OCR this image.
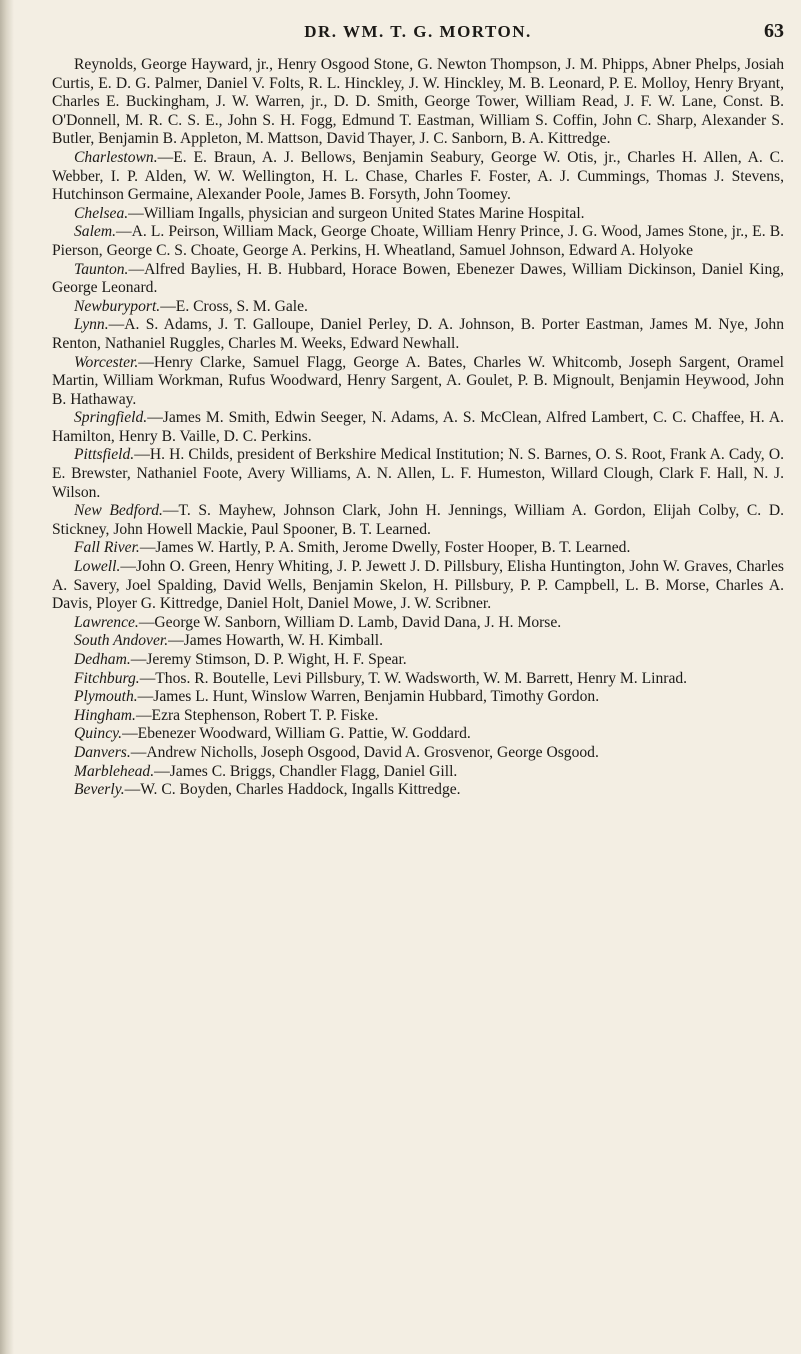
DR. WM. T. G. MORTON.	63

Reynolds, George Hayward, jr., Henry Osgood Stone, G. Newton Thompson, J. M. Phipps, Abner Phelps, Josiah Curtis, E. D. G. Palmer, Daniel V. Folts, R. L. Hinckley, J. W. Hinckley, M. B. Leonard, P. E. Molloy, Henry Bryant, Charles E. Buckingham, J. W. Warren, jr., D. D. Smith, George Tower, William Read, J. F. W. Lane, Const. B. O'Donnell, M. R. C. S. E., John S. H. Fogg, Edmund T. Eastman, William S. Coffin, John C. Sharp, Alexander S. Butler, Benjamin B. Appleton, M. Mattson, David Thayer, J. C. Sanborn, B. A. Kittredge.

Charlestown.—E. E. Braun, A. J. Bellows, Benjamin Seabury, George W. Otis, jr., Charles H. Allen, A. C. Webber, I. P. Alden, W. W. Wellington, H. L. Chase, Charles F. Foster, A. J. Cummings, Thomas J. Stevens, Hutchinson Germaine, Alexander Poole, James B. Forsyth, John Toomey.

Chelsea.—William Ingalls, physician and surgeon United States Marine Hospital.

Salem.—A. L. Peirson, William Mack, George Choate, William Henry Prince, J. G. Wood, James Stone, jr., E. B. Pierson, George C. S. Choate, George A. Perkins, H. Wheatland, Samuel Johnson, Edward A. Holyoke

Taunton.—Alfred Baylies, H. B. Hubbard, Horace Bowen, Ebenezer Dawes, William Dickinson, Daniel King, George Leonard.

Newburyport.—E. Cross, S. M. Gale.

Lynn.—A. S. Adams, J. T. Galloupe, Daniel Perley, D. A. Johnson, B. Porter Eastman, James M. Nye, John Renton, Nathaniel Ruggles, Charles M. Weeks, Edward Newhall.

Worcester.—Henry Clarke, Samuel Flagg, George A. Bates, Charles W. Whitcomb, Joseph Sargent, Oramel Martin, William Workman, Rufus Woodward, Henry Sargent, A. Goulet, P. B. Mignoult, Benjamin Heywood, John B. Hathaway.

Springfield.—James M. Smith, Edwin Seeger, N. Adams, A. S. McClean, Alfred Lambert, C. C. Chaffee, H. A. Hamilton, Henry B. Vaille, D. C. Perkins.

Pittsfield.—H. H. Childs, president of Berkshire Medical Institution; N. S. Barnes, O. S. Root, Frank A. Cady, O. E. Brewster, Nathaniel Foote, Avery Williams, A. N. Allen, L. F. Humeston, Willard Clough, Clark F. Hall, N. J. Wilson.

New Bedford.—T. S. Mayhew, Johnson Clark, John H. Jennings, William A. Gordon, Elijah Colby, C. D. Stickney, John Howell Mackie, Paul Spooner, B. T. Learned.

Fall River.—James W. Hartly, P. A. Smith, Jerome Dwelly, Foster Hooper, B. T. Learned.

Lowell.—John O. Green, Henry Whiting, J. P. Jewett J. D. Pillsbury, Elisha Huntington, John W. Graves, Charles A. Savery, Joel Spalding, David Wells, Benjamin Skelon, H. Pillsbury, P. P. Campbell, L. B. Morse, Charles A. Davis, Ployer G. Kittredge, Daniel Holt, Daniel Mowe, J. W. Scribner.

Lawrence.—George W. Sanborn, William D. Lamb, David Dana, J. H. Morse.

South Andover.—James Howarth, W. H. Kimball.

Dedham.—Jeremy Stimson, D. P. Wight, H. F. Spear.

Fitchburg.—Thos. R. Boutelle, Levi Pillsbury, T. W. Wadsworth, W. M. Barrett, Henry M. Linrad.

Plymouth.—James L. Hunt, Winslow Warren, Benjamin Hubbard, Timothy Gordon.

Hingham.—Ezra Stephenson, Robert T. P. Fiske.

Quincy.—Ebenezer Woodward, William G. Pattie, W. Goddard.

Danvers.—Andrew Nicholls, Joseph Osgood, David A. Grosvenor, George Osgood.

Marblehead.—James C. Briggs, Chandler Flagg, Daniel Gill.

Beverly.—W. C. Boyden, Charles Haddock, Ingalls Kittredge.
